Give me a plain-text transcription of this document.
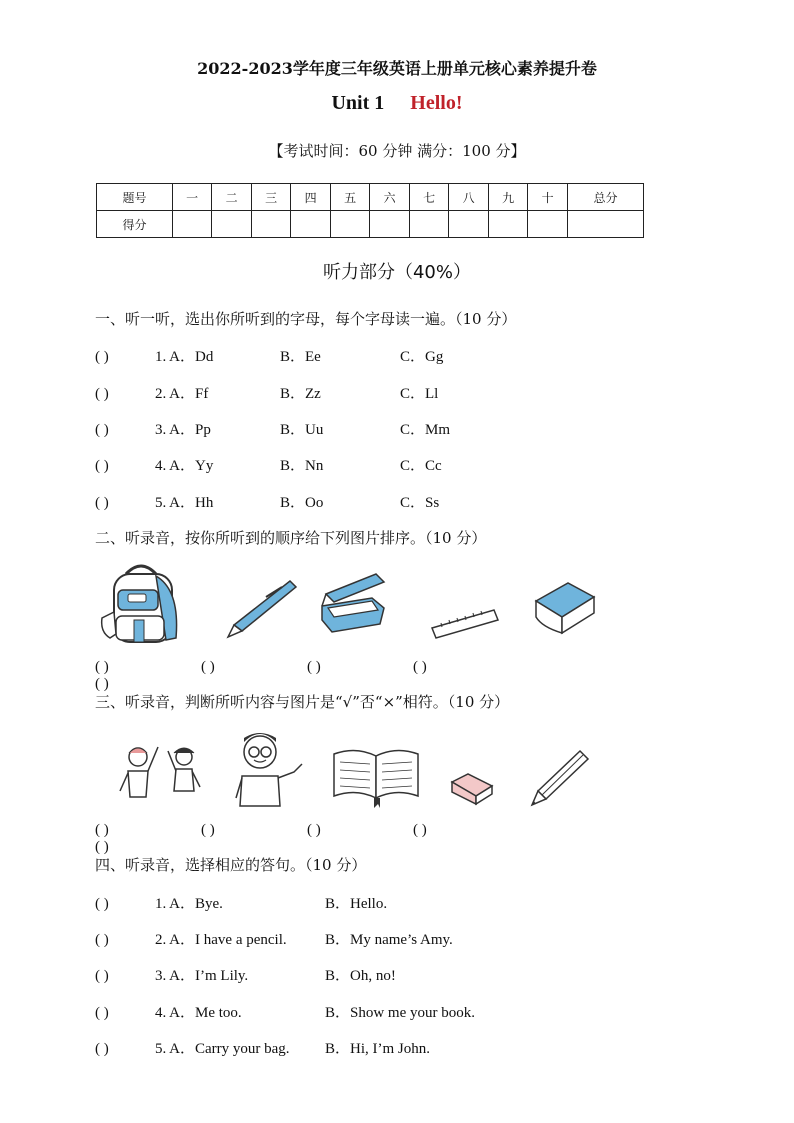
2022-2023学年度三年级英语上册单元核心素养提升卷
Unit 1 Hello!
【考试时间：60 分钟 满分：100 分】
题号	一	二	三	四	五	六	七	八	九	十	总分
得分											
听力部分（40%）
一、听一听，选出你所听到的字母，每个字母读一遍。（10 分）
( )	1. A．Dd	B．Ee	C．Gg
( )	2. A．Ff	B．Zz	C．Ll
( )	3. A．Pp	B．Uu	C．Mm
( )	4. A．Yy	B．Nn	C．Cc
( )	5. A．Hh	B．Oo	C．Ss
二、听录音，按你所听到的顺序给下列图片排序。（10 分）
( )	( )	( )	( )( )
三、听录音，判断所听内容与图片是“√”否“×”相符。（10 分）
( )	( )	( )	( )( )
四、听录音，选择相应的答句。（10 分）
( )	1. A．Bye.	B．Hello.
( )	2. A．I have a pencil.	B．My name’s Amy.
( )	3. A．I’m Lily.	B．Oh, no!
( )	4. A．Me too.	B．Show me your book.
( )	5. A．Carry your bag. B．Hi, I’m John.
